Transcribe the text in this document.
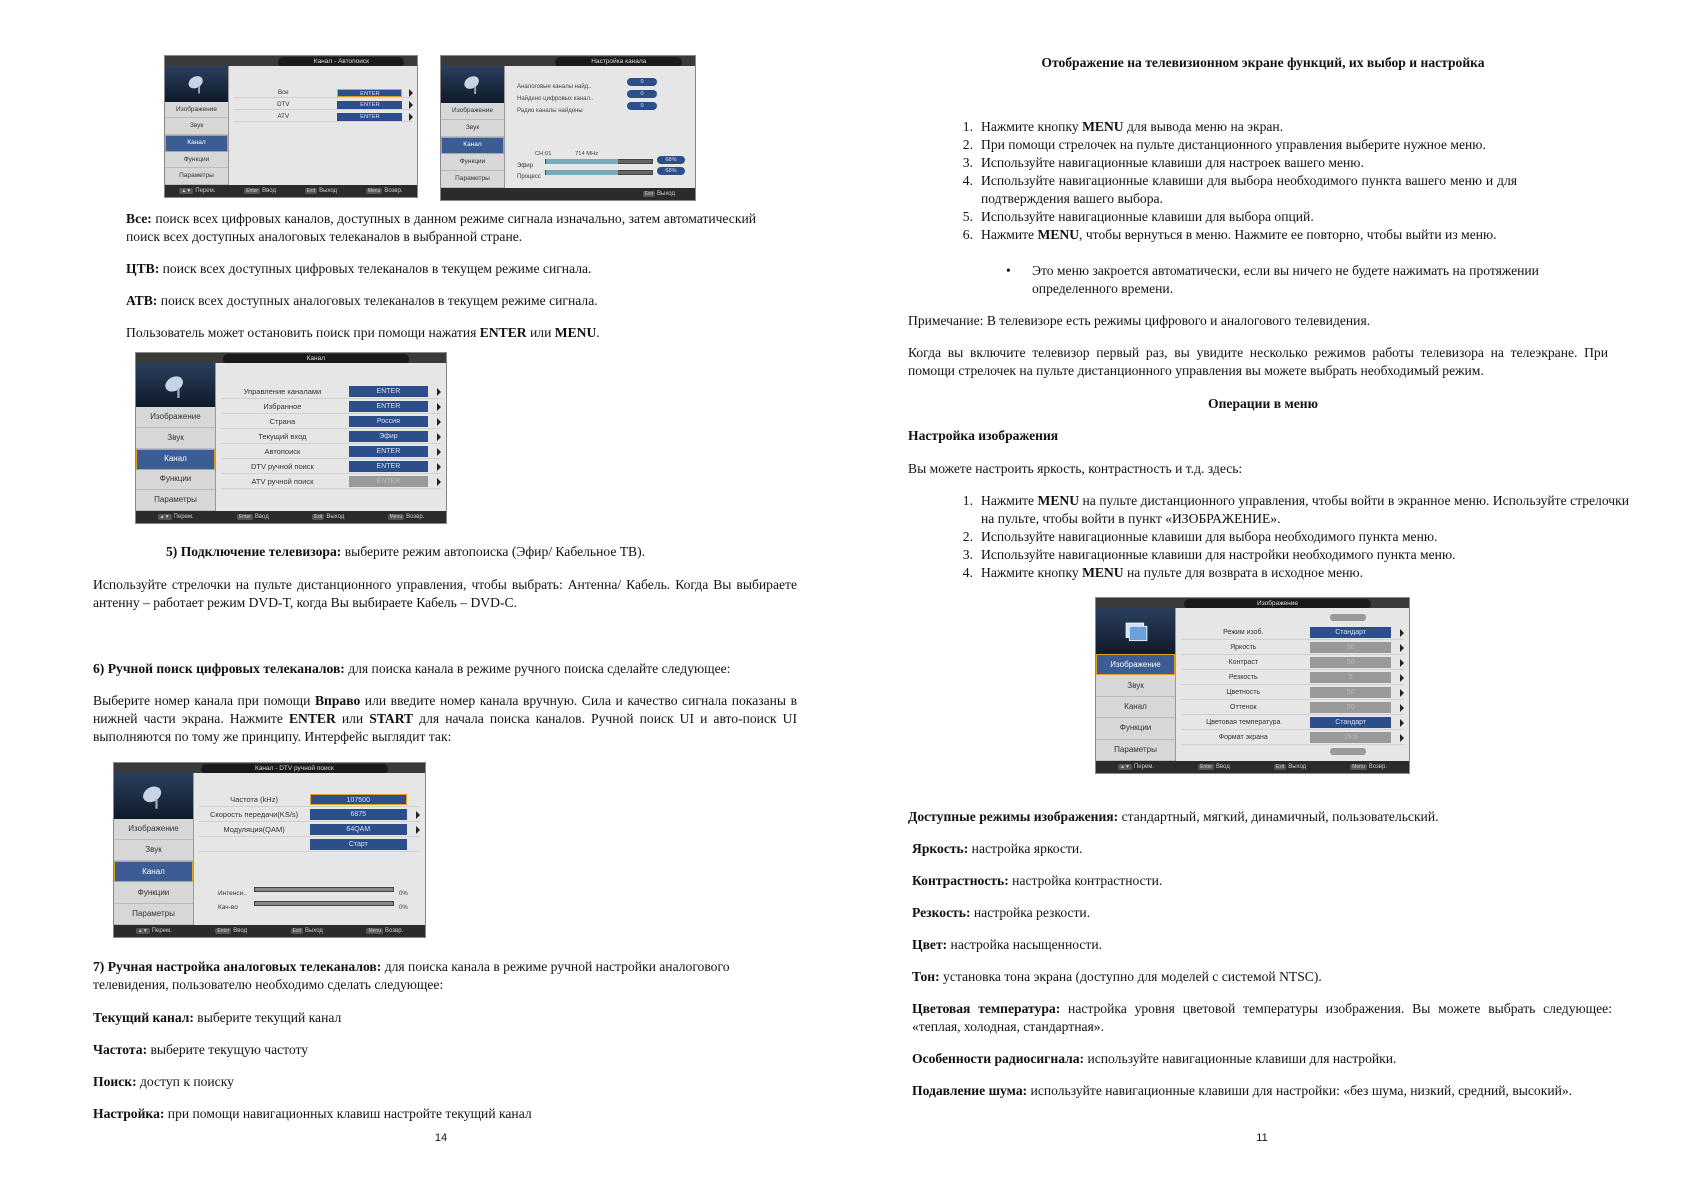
Канал - Автопоиск
Изображение
Звук
Канал
Функции
Параметры
Все	ENTER
DTV	ENTER
ATV	ENTER
▲▼ Перем.	Enter Ввод	Exit Выход	Menu Возвр.
Настройка канала
Изображение
Звук
Канал
Функции
Параметры
Аналоговые каналы найд..
0
Найдено цифровых канал..
0
Радио каналы найдены
0
CH:01	714 MHz
Эфир
68%
Процесс
68%
Exit Выход

Все: поиск всех цифровых каналов, доступных в данном режиме сигнала изначально, затем автоматический поиск всех доступных аналоговых телеканалов в выбранной стране.

ЦТВ: поиск всех доступных цифровых телеканалов в текущем режиме сигнала.

АТВ: поиск всех доступных аналоговых телеканалов в текущем режиме сигнала.

Пользователь может остановить поиск при помощи нажатия ENTER или MENU.

Канал
Изображение
Звук
Канал
Функции
Параметры
Управление каналами	ENTER
Избранное	ENTER
Страна	Россия
Текущий вход	Эфир
Автопоиск	ENTER
DTV ручной поиск	ENTER
ATV ручной поиск	ENTER
▲▼ Перем.	Enter Ввод	Exit Выход	Menu Возвр.

5) Подключение телевизора: выберите режим автопоиска (Эфир/ Кабельное ТВ).

Используйте стрелочки на пульте дистанционного управления, чтобы выбрать: Антенна/ Кабель. Когда Вы выбираете антенну – работает режим DVD-T, когда Вы выбираете Кабель – DVD-C.

6) Ручной поиск цифровых телеканалов: для поиска канала в режиме ручного поиска сделайте следующее:

Выберите номер канала при помощи Вправо или введите номер канала вручную. Сила и качество сигнала показаны в нижней части экрана. Нажмите ENTER или START для начала поиска каналов. Ручной поиск UI и авто-поиск UI выполняются по тому же принципу. Интерфейс выглядит так:

Канал - DTV ручной поиск
Изображение
Звук
Канал
Функции
Параметры
Частота (kHz)	107500
Скорость передачи(KS/s)	6875
Модуляция(QAM)	64QAM
Старт
Интенси..	0%
Кач-во	0%
▲▼ Перем.	Enter Ввод	Exit Выход	Menu Возвр.

7) Ручная настройка аналоговых телеканалов: для поиска канала в режиме ручной настройки аналогового телевидения, пользователю необходимо сделать следующее:

Текущий канал: выберите текущий канал

Частота: выберите текущую частоту

Поиск: доступ к поиску

Настройка: при помощи навигационных клавиш настройте текущий канал

14

Отображение на телевизионном экране функций, их выбор и настройка

1. Нажмите кнопку MENU для вывода меню на экран.
2. При помощи стрелочек на пульте дистанционного управления выберите нужное меню.
3. Используйте навигационные клавиши для настроек вашего меню.
4. Используйте навигационные клавиши для выбора необходимого пункта вашего меню и для подтверждения вашего выбора.
5. Используйте навигационные клавиши для выбора опций.
6. Нажмите MENU, чтобы вернуться в меню. Нажмите ее повторно, чтобы выйти из меню.
•	Это меню закроется автоматически, если вы ничего не будете нажимать на протяжении определенного времени.

Примечание: В телевизоре есть режимы цифрового и аналогового телевидения.

Когда вы включите телевизор первый раз, вы увидите несколько режимов работы телевизора на телеэкране. При помощи стрелочек на пульте дистанционного управления вы можете выбрать необходимый режим.

Операции в меню

Настройка изображения

Вы можете настроить яркость, контрастность и т.д. здесь:

1. Нажмите MENU на пульте дистанционного управления, чтобы войти в экранное меню. Используйте стрелочки на пульте, чтобы войти в пункт «ИЗОБРАЖЕНИЕ».
2. Используйте навигационные клавиши для выбора необходимого пункта меню.
3. Используйте навигационные клавиши для настройки необходимого пункта меню.
4. Нажмите кнопку MENU на пульте для возврата в исходное меню.
Изображение
Изображение
Звук
Канал
Функции
Параметры
Режим изоб.	Стандарт
Яркость	50
Контраст	50
Резкость	5
Цветность	50
Оттенок	50
Цветовая температура	Стандарт
Формат экрана	16:9
▲▼ Перем.	Enter Ввод	Exit Выход	Menu Возвр.

Доступные режимы изображения: стандартный, мягкий, динамичный, пользовательский.

Яркость: настройка яркости.

Контрастность: настройка контрастности.

Резкость: настройка резкости.

Цвет: настройка насыщенности.

Тон: установка тона экрана (доступно для моделей с системой NTSC).

Цветовая температура: настройка уровня цветовой температуры изображения. Вы можете выбрать следующее: «теплая, холодная, стандартная».

Особенности радиосигнала: используйте навигационные клавиши для настройки.

Подавление шума: используйте навигационные клавиши для настройки: «без шума, низкий, средний, высокий».

11
